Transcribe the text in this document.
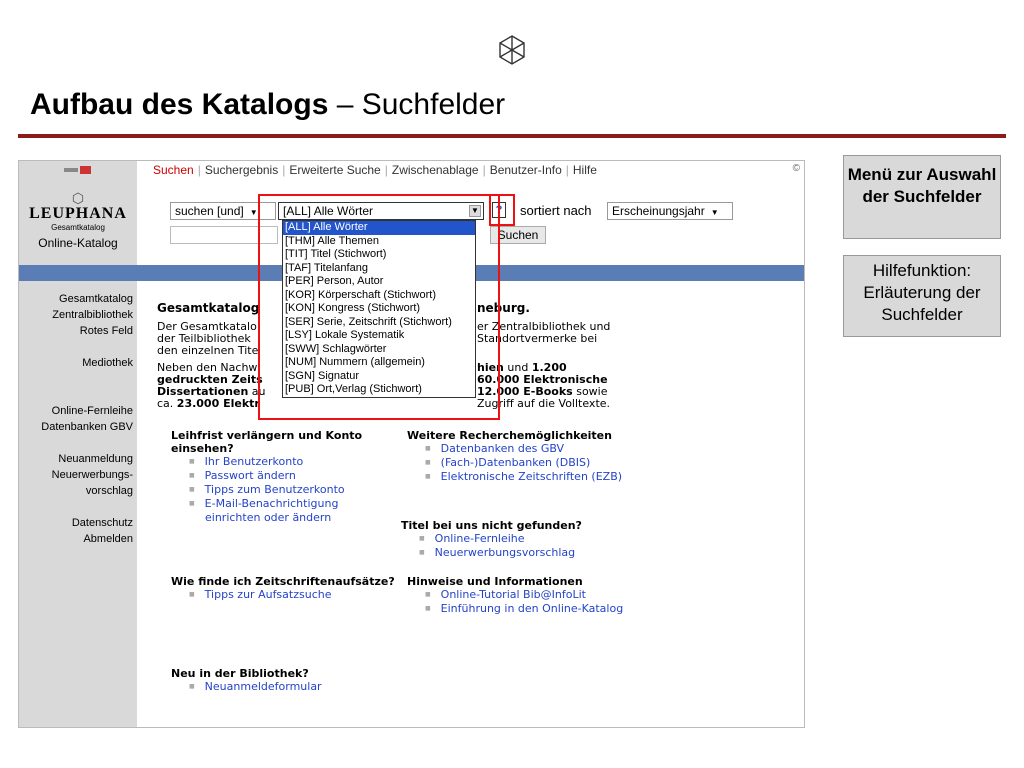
Aufbau des Katalogs – Suchfelder
⬡
LEUPHANA
Gesamtkatalog
Online-Katalog
Gesamtkatalog
Zentralbibliothek
Rotes Feld

Mediothek

Online-Fernleihe
Datenbanken GBV

Neuanmeldung
Neuerwerbungs-
vorschlag

Datenschutz
Abmelden
Suchen | Suchergebnis | Erweiterte Suche | Zwischenablage | Benutzer-Info | Hilfe	©
Gesamtkatalog

Der Gesamtkatalo

der Teilbibliothek

den einzelnen Tite

Neben den Nachw

gedruckten Zeits

Dissertationen au

ca. 23.000 Elektr

neburg.

er Zentralbibliothek und

Standortvermerke bei

hien und 1.200

60.000 Elektronische

12.000 E-Books sowie

Zugriff auf die Volltexte.

Leihfrist verlängern und Konto einsehen?
■ Ihr Benutzerkonto
■ Passwort ändern
■ Tipps zum Benutzerkonto
■ E-Mail-Benachrichtigung einrichten oder ändern
Weitere Recherchemöglichkeiten
■ Datenbanken des GBV
■ (Fach-)Datenbanken (DBIS)
■ Elektronische Zeitschriften (EZB)
Titel bei uns nicht gefunden?
■ Online-Fernleihe
■ Neuerwerbungsvorschlag
Wie finde ich Zeitschriftenaufsätze?
■ Tipps zur Aufsatzsuche
Hinweise und Informationen
■ Online-Tutorial Bib@InfoLit
■ Einführung in den Online-Katalog
Neu in der Bibliothek?
■ Neuanmeldeformular
suchen [und] ▼	[ALL] Alle Wörter	▼	? sortiert nach	Erscheinungsjahr ▼
Suchen
[ALL] Alle Wörter
[THM] Alle Themen
[TIT] Titel (Stichwort)
[TAF] Titelanfang
[PER] Person, Autor
[KOR] Körperschaft (Stichwort)
[KON] Kongress (Stichwort)
[SER] Serie, Zeitschrift (Stichwort)
[LSY] Lokale Systematik
[SWW] Schlagwörter
[NUM] Nummern (allgemein)
[SGN] Signatur
[PUB] Ort,Verlag (Stichwort)
Menü zur Auswahl der Suchfelder
Hilfefunktion: Erläuterung der Suchfelder
